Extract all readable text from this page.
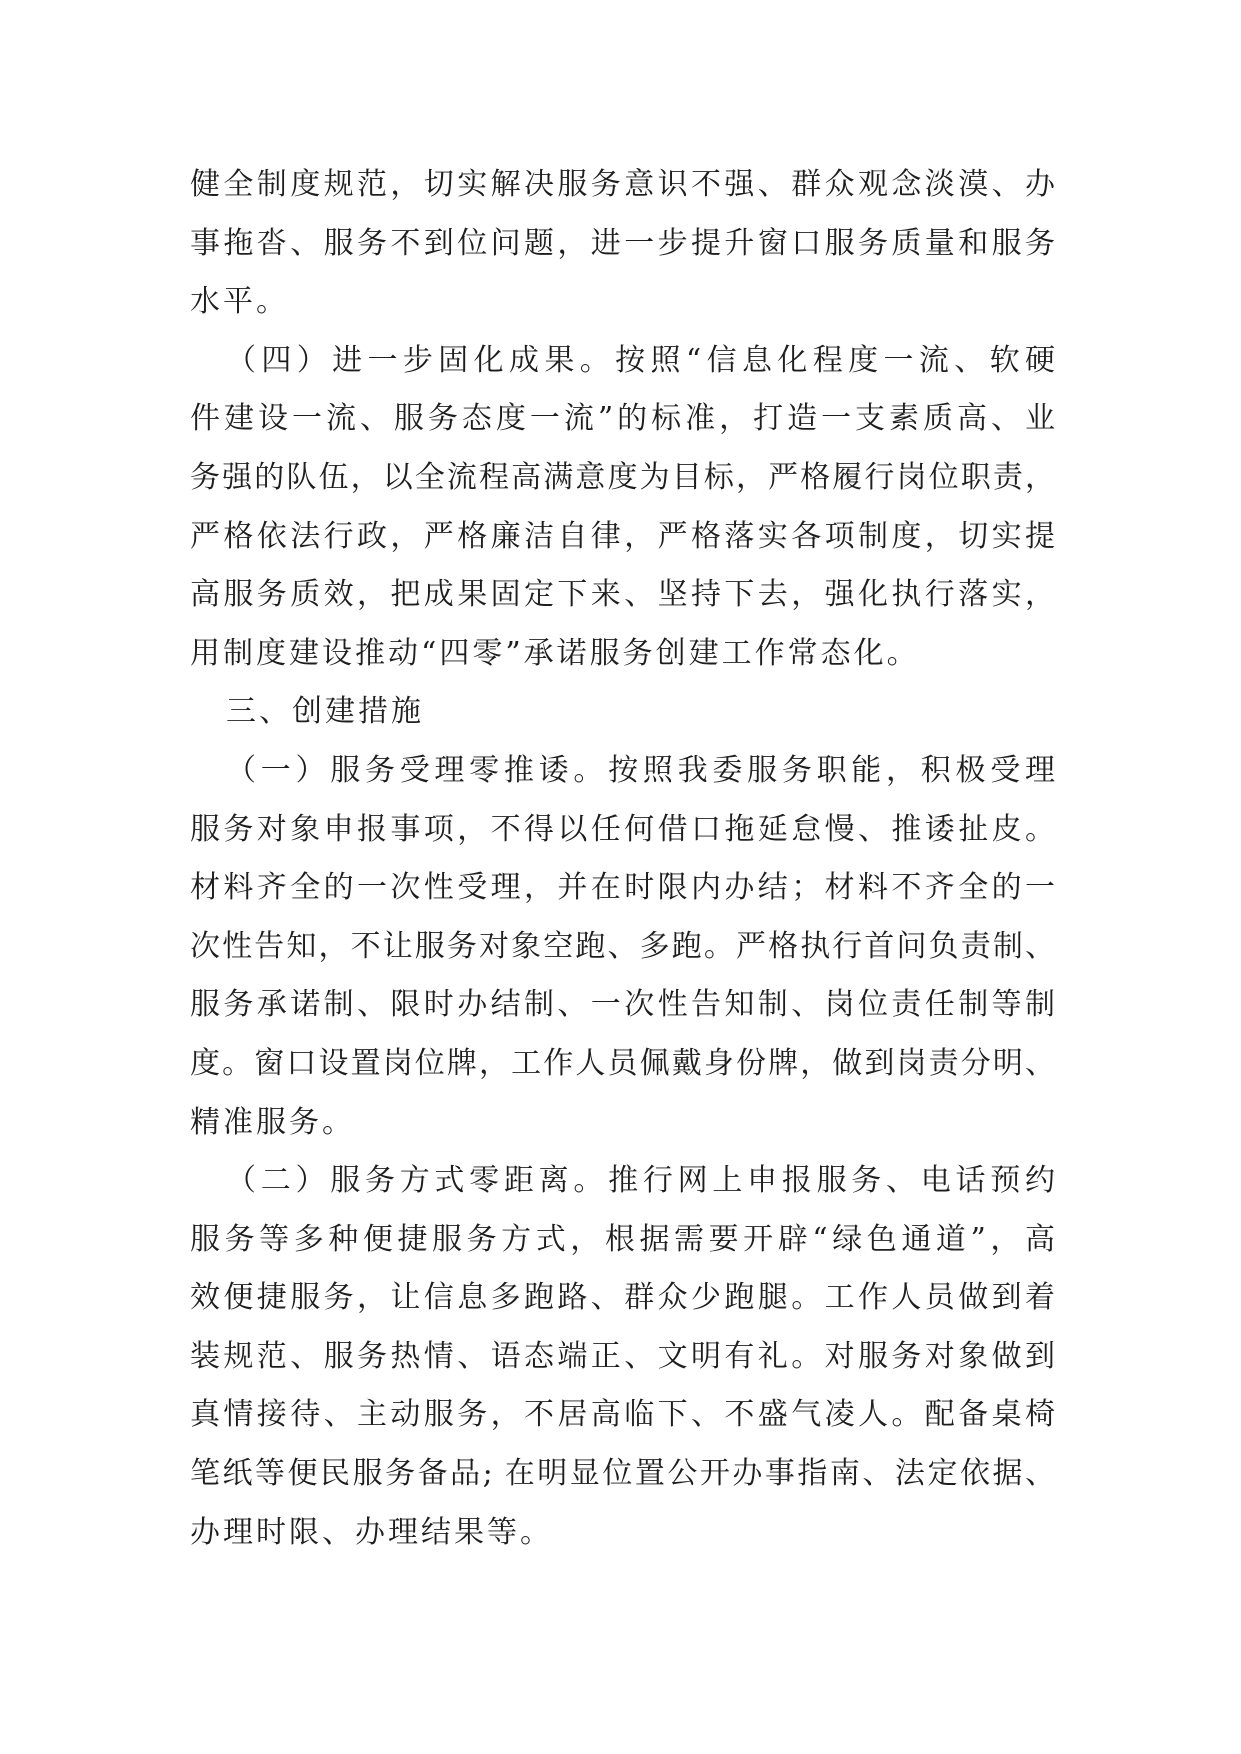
健全制度规范，切实解决服务意识不强、群众观念淡漠、办
事拖沓、服务不到位问题，进一步提升窗口服务质量和服务
水平。
（四）进一步固化成果。按照“信息化程度一流、软硬
件建设一流、服务态度一流”的标准，打造一支素质高、业
务强的队伍，以全流程高满意度为目标，严格履行岗位职责，
严格依法行政，严格廉洁自律，严格落实各项制度，切实提
高服务质效，把成果固定下来、坚持下去，强化执行落实，
用制度建设推动“四零”承诺服务创建工作常态化。
三、创建措施
（一）服务受理零推诿。按照我委服务职能，积极受理
服务对象申报事项，不得以任何借口拖延怠慢、推诿扯皮。
材料齐全的一次性受理，并在时限内办结；材料不齐全的一
次性告知，不让服务对象空跑、多跑。严格执行首问负责制、
服务承诺制、限时办结制、一次性告知制、岗位责任制等制
度。窗口设置岗位牌，工作人员佩戴身份牌，做到岗责分明、
精准服务。
（二）服务方式零距离。推行网上申报服务、电话预约
服务等多种便捷服务方式，根据需要开辟“绿色通道”，高
效便捷服务，让信息多跑路、群众少跑腿。工作人员做到着
装规范、服务热情、语态端正、文明有礼。对服务对象做到
真情接待、主动服务，不居高临下、不盛气凌人。配备桌椅
笔纸等便民服务备品; 在明显位置公开办事指南、法定依据、
办理时限、办理结果等。
